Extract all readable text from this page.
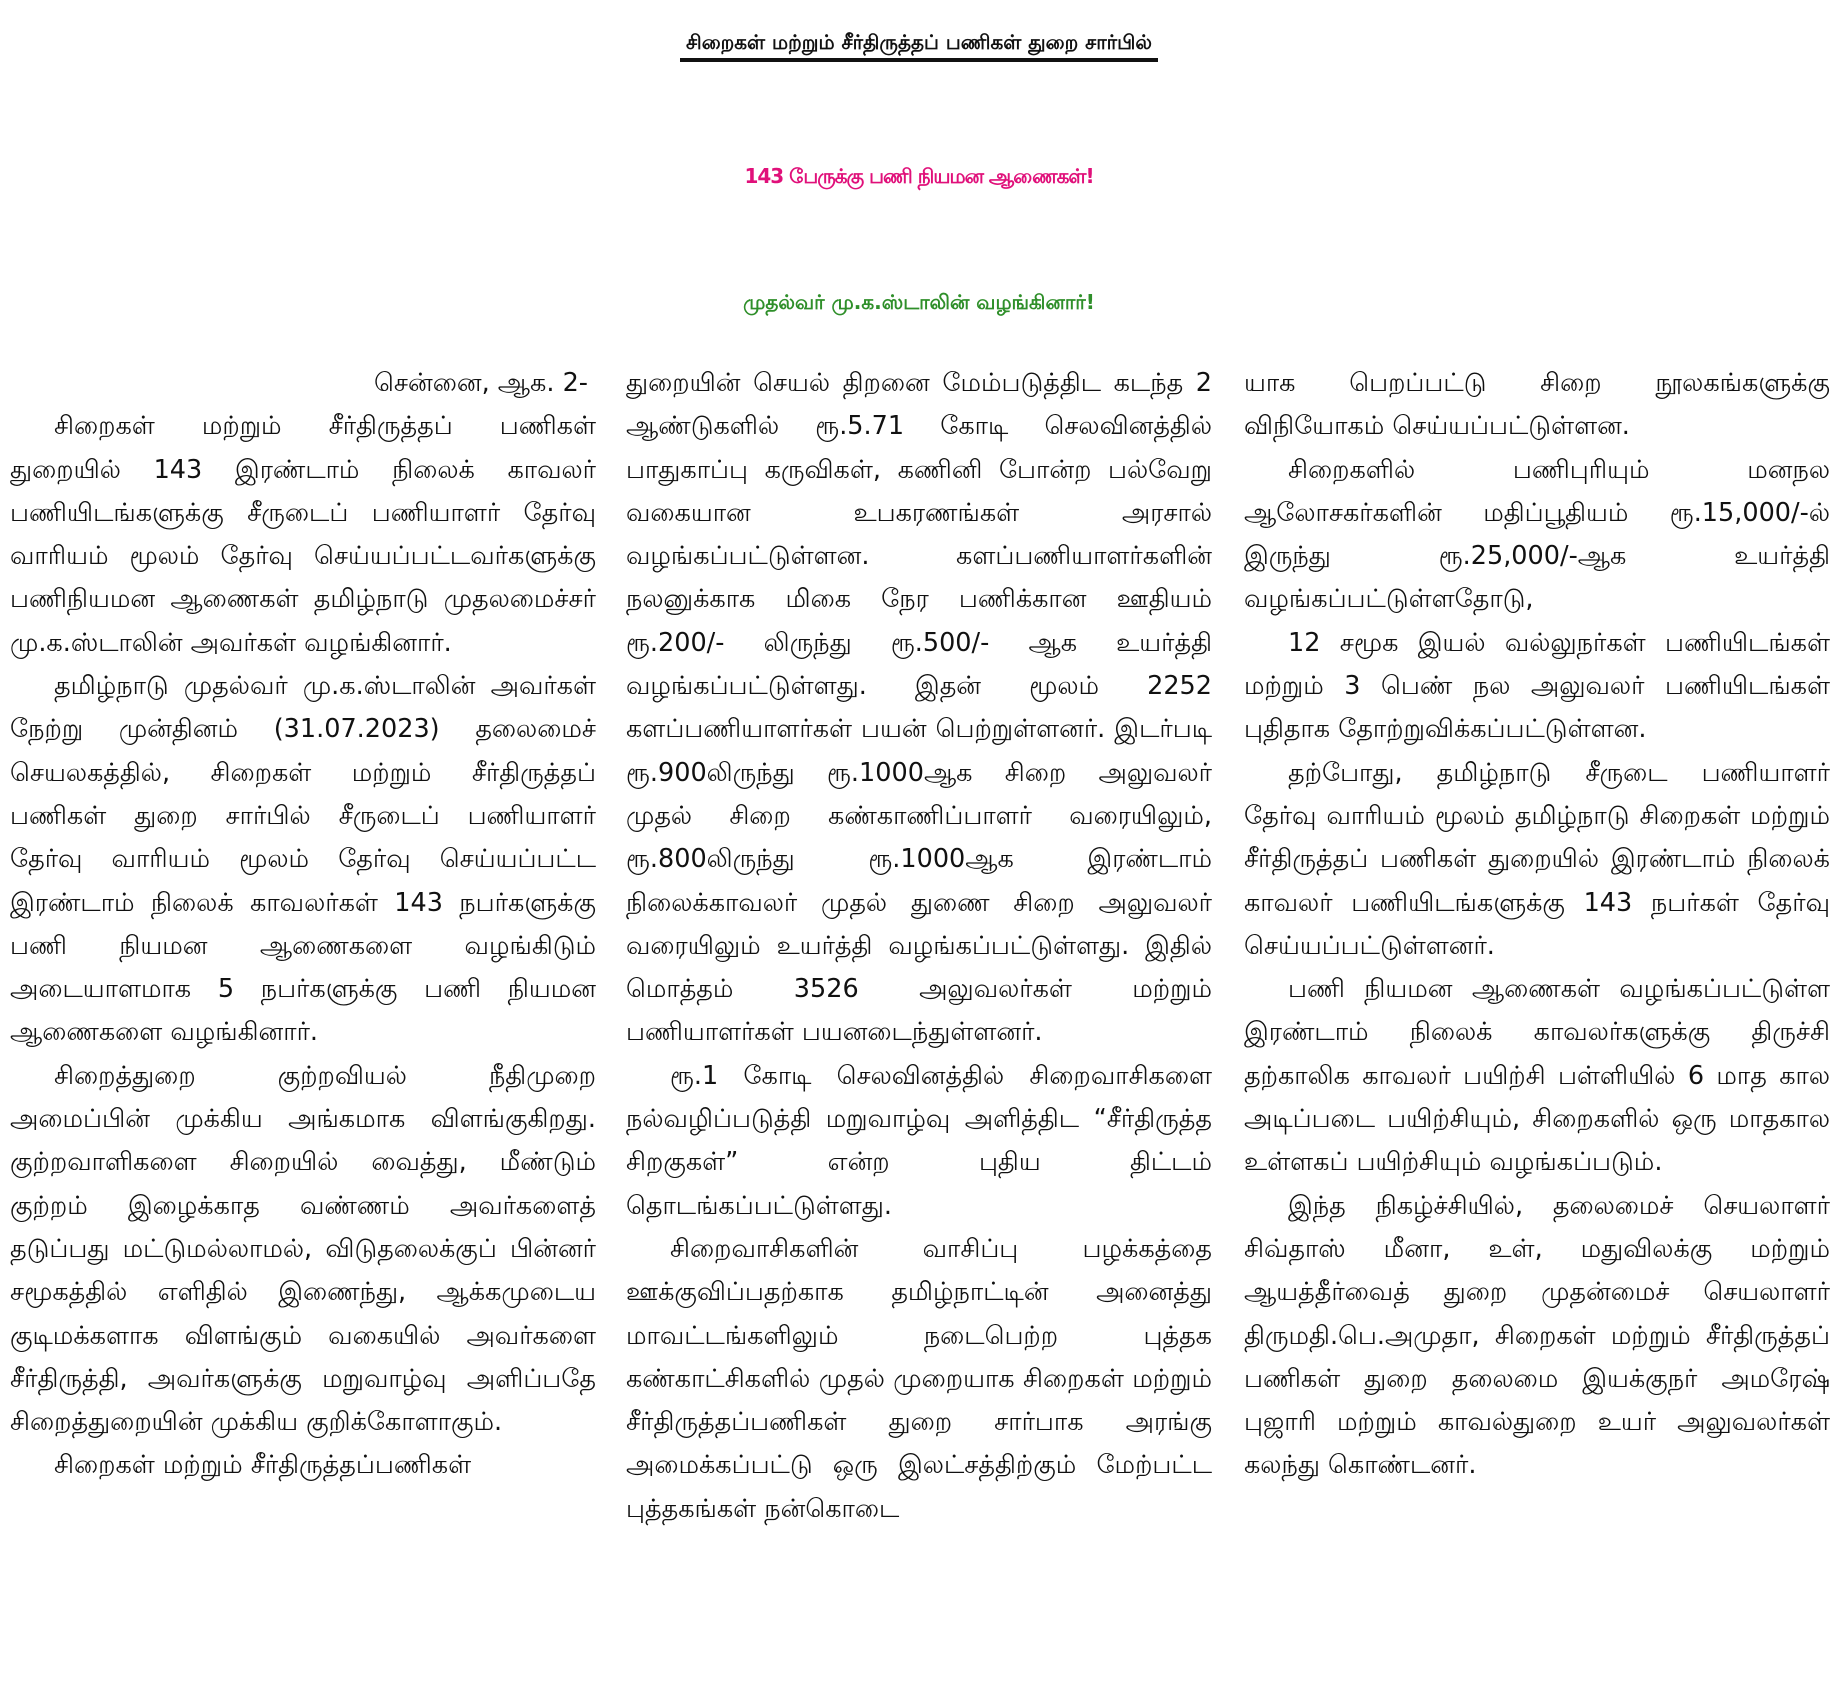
சிறைகள் மற்றும் சீர்திருத்தப் பணிகள் துறை சார்பில்
143 பேருக்கு பணி நியமன ஆணைகள்!
முதல்வர் மு.க.ஸ்டாலின் வழங்கினார்!

சென்னை, ஆக. 2-

சிறைகள் மற்றும் சீர்திருத்தப் பணிகள் துறையில் 143 இரண்டாம் நிலைக் காவலர் பணியிடங்களுக்கு சீருடைப் பணியாளர் தேர்வு வாரியம் மூலம் தேர்வு செய்யப்பட்டவர்களுக்கு பணிநியமன ஆணைகள் தமிழ்நாடு முதலமைச்சர் மு.க.ஸ்டாலின் அவர்கள் வழங்கினார்.

தமிழ்நாடு முதல்வர் மு.க.ஸ்டாலின் அவர்கள் நேற்று முன்தினம் (31.07.2023) தலைமைச் செயலகத்தில், சிறைகள் மற்றும் சீர்திருத்தப் பணிகள் துறை சார்பில் சீருடைப் பணியாளர் தேர்வு வாரியம் மூலம் தேர்வு செய்யப்பட்ட இரண்டாம் நிலைக் காவலர்கள் 143 நபர்களுக்கு பணி நியமன ஆணைகளை வழங்கிடும் அடையாளமாக 5 நபர்களுக்கு பணி நியமன ஆணைகளை வழங்கினார்.

சிறைத்துறை குற்றவியல் நீதிமுறை அமைப்பின் முக்கிய அங்கமாக விளங்குகிறது. குற்றவாளிகளை சிறையில் வைத்து, மீண்டும் குற்றம் இழைக்காத வண்ணம் அவர்களைத் தடுப்பது மட்டுமல்லாமல், விடுதலைக்குப் பின்னர் சமூகத்தில் எளிதில் இணைந்து, ஆக்கமுடைய குடிமக்களாக விளங்கும் வகையில் அவர்களை சீர்திருத்தி, அவர்களுக்கு மறுவாழ்வு அளிப்பதே சிறைத்துறையின் முக்கிய குறிக்கோளாகும்.

சிறைகள் மற்றும் சீர்திருத்தப்பணிகள்

துறையின் செயல் திறனை மேம்படுத்திட கடந்த 2 ஆண்டுகளில் ரூ.5.71 கோடி செலவினத்தில் பாதுகாப்பு கருவிகள், கணினி போன்ற பல்வேறு வகையான உபகரணங்கள் அரசால் வழங்கப்பட்டுள்ளன. களப்பணியாளர்களின் நலனுக்காக மிகை நேர பணிக்கான ஊதியம் ரூ.200/- லிருந்து ரூ.500/- ஆக உயர்த்தி வழங்கப்பட்டுள்ளது. இதன் மூலம் 2252 களப்பணியாளர்கள் பயன் பெற்றுள்ளனர். இடர்படி ரூ.900லிருந்து ரூ.1000ஆக சிறை அலுவலர் முதல் சிறை கண்காணிப்பாளர் வரையிலும், ரூ.800லிருந்து ரூ.1000ஆக இரண்டாம் நிலைக்காவலர் முதல் துணை சிறை அலுவலர் வரையிலும் உயர்த்தி வழங்கப்பட்டுள்ளது. இதில் மொத்தம் 3526 அலுவலர்கள் மற்றும் பணியாளர்கள் பயனடைந்துள்ளனர்.

ரூ.1 கோடி செலவினத்தில் சிறைவாசிகளை நல்வழிப்படுத்தி மறுவாழ்வு அளித்திட “சீர்திருத்த சிறகுகள்” என்ற புதிய திட்டம் தொடங்கப்பட்டுள்ளது.

சிறைவாசிகளின் வாசிப்பு பழக்கத்தை ஊக்குவிப்பதற்காக தமிழ்நாட்டின் அனைத்து மாவட்டங்களிலும் நடைபெற்ற புத்தக கண்காட்சிகளில் முதல் முறையாக சிறைகள் மற்றும் சீர்திருத்தப்பணிகள் துறை சார்பாக அரங்கு அமைக்கப்பட்டு ஒரு இலட்சத்திற்கும் மேற்பட்ட புத்தகங்கள் நன்கொடை

யாக பெறப்பட்டு சிறை நூலகங்களுக்கு விநியோகம் செய்யப்பட்டுள்ளன.

சிறைகளில் பணிபுரியும் மனநல ஆலோசகர்களின் மதிப்பூதியம் ரூ.15,000/-ல் இருந்து ரூ.25,000/-ஆக உயர்த்தி வழங்கப்பட்டுள்ளதோடு,

12 சமூக இயல் வல்லுநர்கள் பணியிடங்கள் மற்றும் 3 பெண் நல அலுவலர் பணியிடங்கள் புதிதாக தோற்றுவிக்கப்பட்டுள்ளன.

தற்போது, தமிழ்நாடு சீருடை பணியாளர் தேர்வு வாரியம் மூலம் தமிழ்நாடு சிறைகள் மற்றும் சீர்திருத்தப் பணிகள் துறையில் இரண்டாம் நிலைக் காவலர் பணியிடங்களுக்கு 143 நபர்கள் தேர்வு செய்யப்பட்டுள்ளனர்.

பணி நியமன ஆணைகள் வழங்கப்பட்டுள்ள இரண்டாம் நிலைக் காவலர்களுக்கு திருச்சி தற்காலிக காவலர் பயிற்சி பள்ளியில் 6 மாத கால அடிப்படை பயிற்சியும், சிறைகளில் ஒரு மாதகால உள்ளகப் பயிற்சியும் வழங்கப்படும்.

இந்த நிகழ்ச்சியில், தலைமைச் செயலாளர் சிவ்தாஸ் மீனா, உள், மதுவிலக்கு மற்றும் ஆயத்தீர்வைத் துறை முதன்மைச் செயலாளர் திருமதி.பெ.அமுதா, சிறைகள் மற்றும் சீர்திருத்தப் பணிகள் துறை தலைமை இயக்குநர் அமரேஷ் புஜாரி மற்றும் காவல்துறை உயர் அலுவலர்கள் கலந்து கொண்டனர்.
